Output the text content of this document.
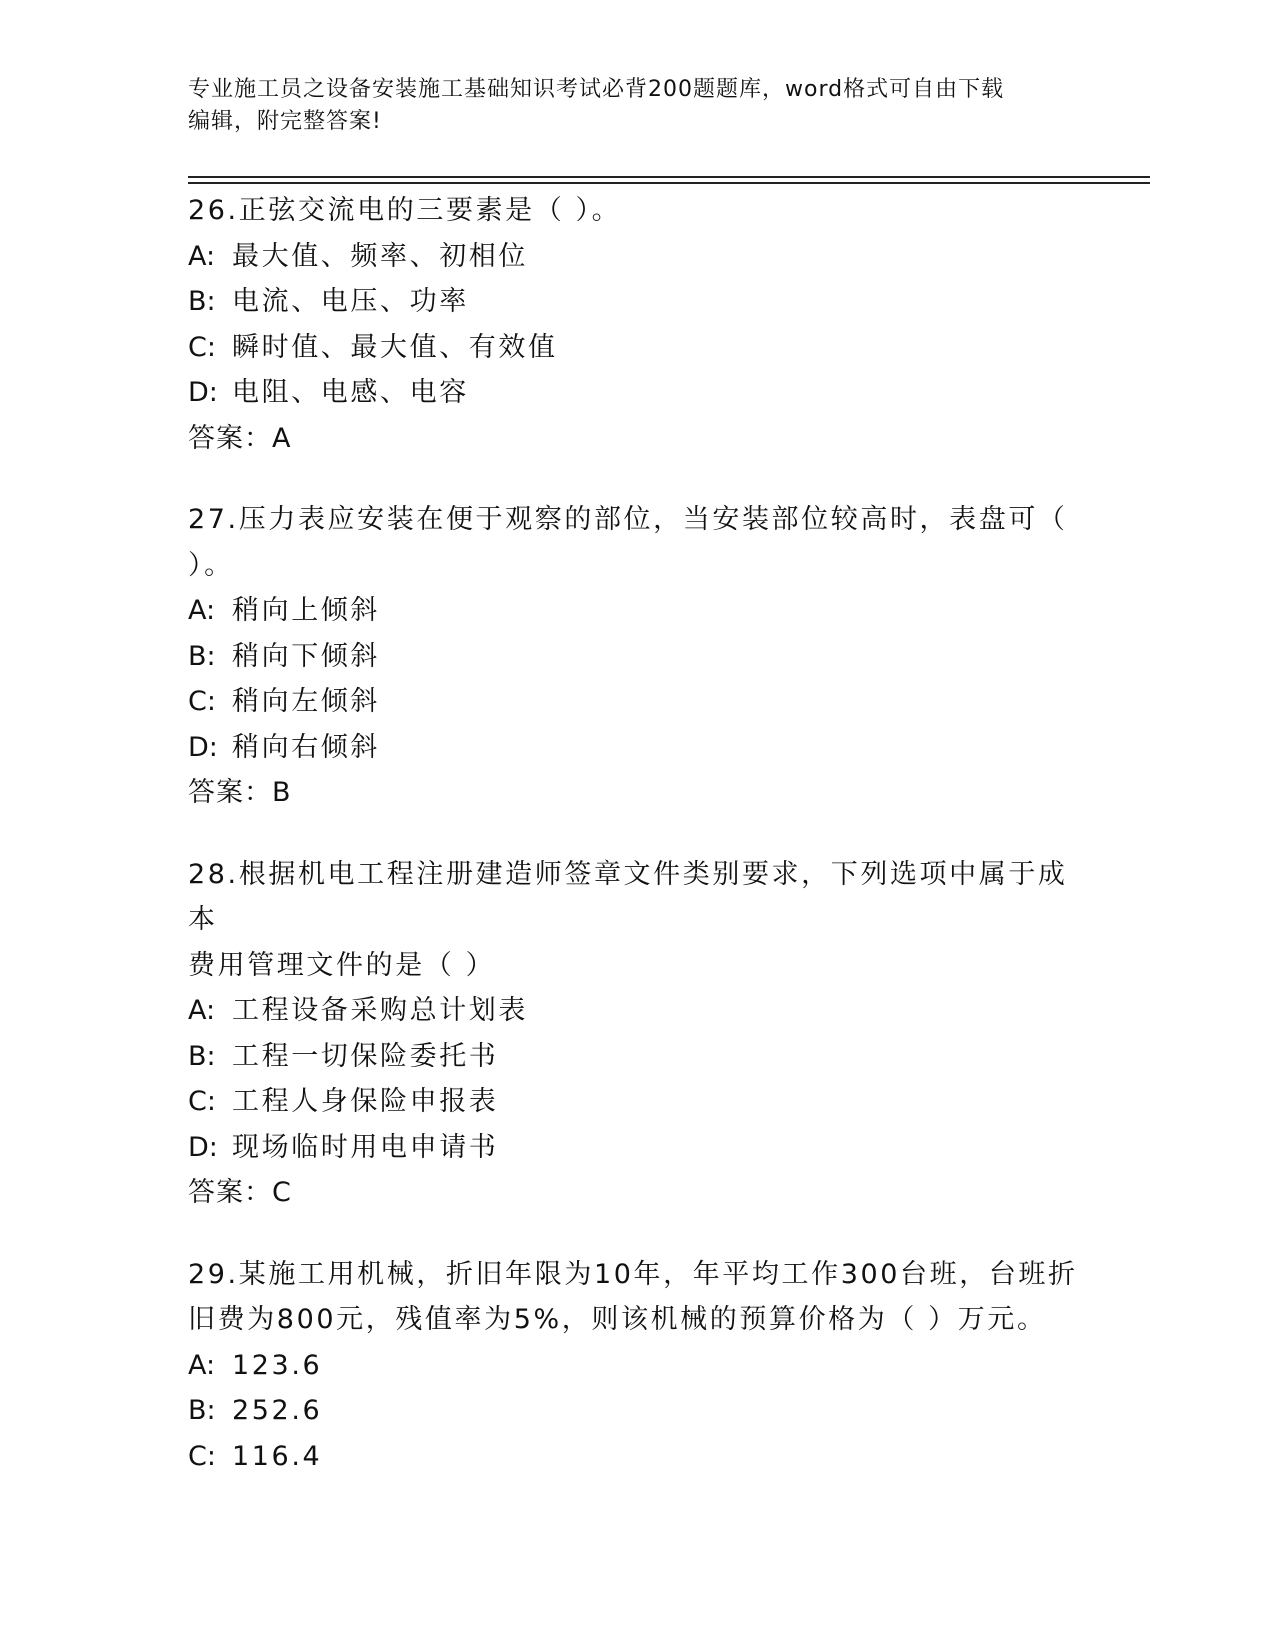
专业施工员之设备安装施工基础知识考试必背200题题库，word格式可自由下载
编辑，附完整答案!
26.正弦交流电的三要素是（ ）。
A: 最大值、频率、初相位
B: 电流、电压、功率
C: 瞬时值、最大值、有效值
D: 电阻、电感、电容
答案：A
27.压力表应安装在便于观察的部位，当安装部位较高时，表盘可（
）。
A: 稍向上倾斜
B: 稍向下倾斜
C: 稍向左倾斜
D: 稍向右倾斜
答案：B
28.根据机电工程注册建造师签章文件类别要求，下列选项中属于成本
费用管理文件的是（ ）
A: 工程设备采购总计划表
B: 工程一切保险委托书
C: 工程人身保险申报表
D: 现场临时用电申请书
答案：C
29.某施工用机械，折旧年限为10年，年平均工作300台班，台班折
旧费为800元，残值率为5%，则该机械的预算价格为（ ）万元。
A: 123.6
B: 252.6
C: 116.4
